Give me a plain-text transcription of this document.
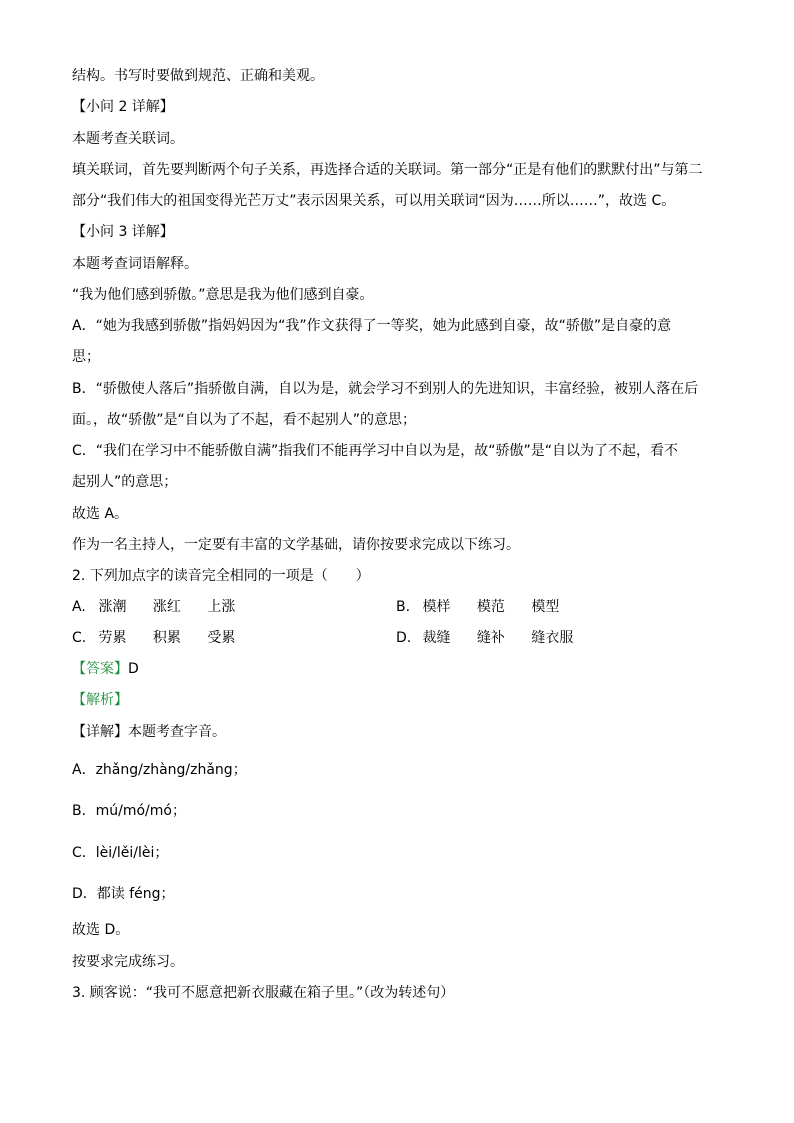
结构。书写时要做到规范、正确和美观。
【小问 2 详解】
本题考查关联词。
填关联词，首先要判断两个句子关系，再选择合适的关联词。第一部分“正是有他们的默默付出”与第二
部分“我们伟大的祖国变得光芒万丈”表示因果关系，可以用关联词“因为……所以……”，故选 C。
【小问 3 详解】
本题考查词语解释。
“我为他们感到骄傲。”意思是我为他们感到自豪。
A．“她为我感到骄傲”指妈妈因为“我”作文获得了一等奖，她为此感到自豪，故“骄傲”是自豪的意
思；
B．“骄傲使人落后”指骄傲自满，自以为是，就会学习不到别人的先进知识，丰富经验，被别人落在后
面。，故“骄傲”是“自以为了不起，看不起别人”的意思；
C．“我们在学习中不能骄傲自满”指我们不能再学习中自以为是，故“骄傲”是“自以为了不起，看不
起别人”的意思；
故选 A。
作为一名主持人，一定要有丰富的文学基础，请你按要求完成以下练习。
2. 下列加点字的读音完全相同的一项是（　　）
A. 涨潮 涨红 上涨	B. 模样 模范 模型
C. 劳累 积累 受累	D. 裁缝 缝补 缝衣服
【答案】D
【解析】
【详解】本题考查字音。
A．zhǎng/zhàng/zhǎng；
B．mú/mó/mó；
C．lèi/lěi/lèi；
D．都读 féng；
故选 D。
按要求完成练习。
3. 顾客说：“我可不愿意把新衣服藏在箱子里。”（改为转述句）
